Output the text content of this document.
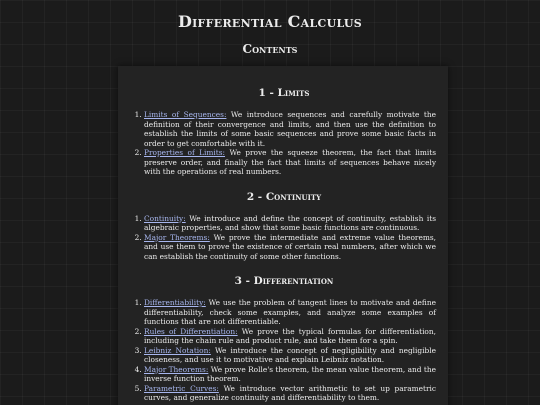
Differential Calculus
Contents
1 - Limits
1. Limits of Sequences: We introduce sequences and carefully motivate the definition of their convergence and limits, and then use the definition to establish the limits of some basic sequences and prove some basic facts in order to get comfortable with it.
2. Properties of Limits: We prove the squeeze theorem, the fact that limits preserve order, and finally the fact that limits of sequences behave nicely with the operations of real numbers.
2 - Continuity
1. Continuity: We introduce and define the concept of continuity, establish its algebraic properties, and show that some basic functions are continuous.
2. Major Theorems: We prove the intermediate and extreme value theorems, and use them to prove the existence of certain real numbers, after which we can establish the continuity of some other functions.
3 - Differentiation
1. Differentiability: We use the problem of tangent lines to motivate and define differentiability, check some examples, and analyze some examples of functions that are not differentiable.
2. Rules of Differentiation: We prove the typical formulas for differentiation, including the chain rule and product rule, and take them for a spin.
3. Leibniz Notation: We introduce the concept of negligibility and negligible closeness, and use it to motivative and explain Leibniz notation.
4. Major Theorems: We prove Rolle's theorem, the mean value theorem, and the inverse function theorem.
5. Parametric Curves: We introduce vector arithmetic to set up parametric curves, and generalize continuity and differentiability to them.
